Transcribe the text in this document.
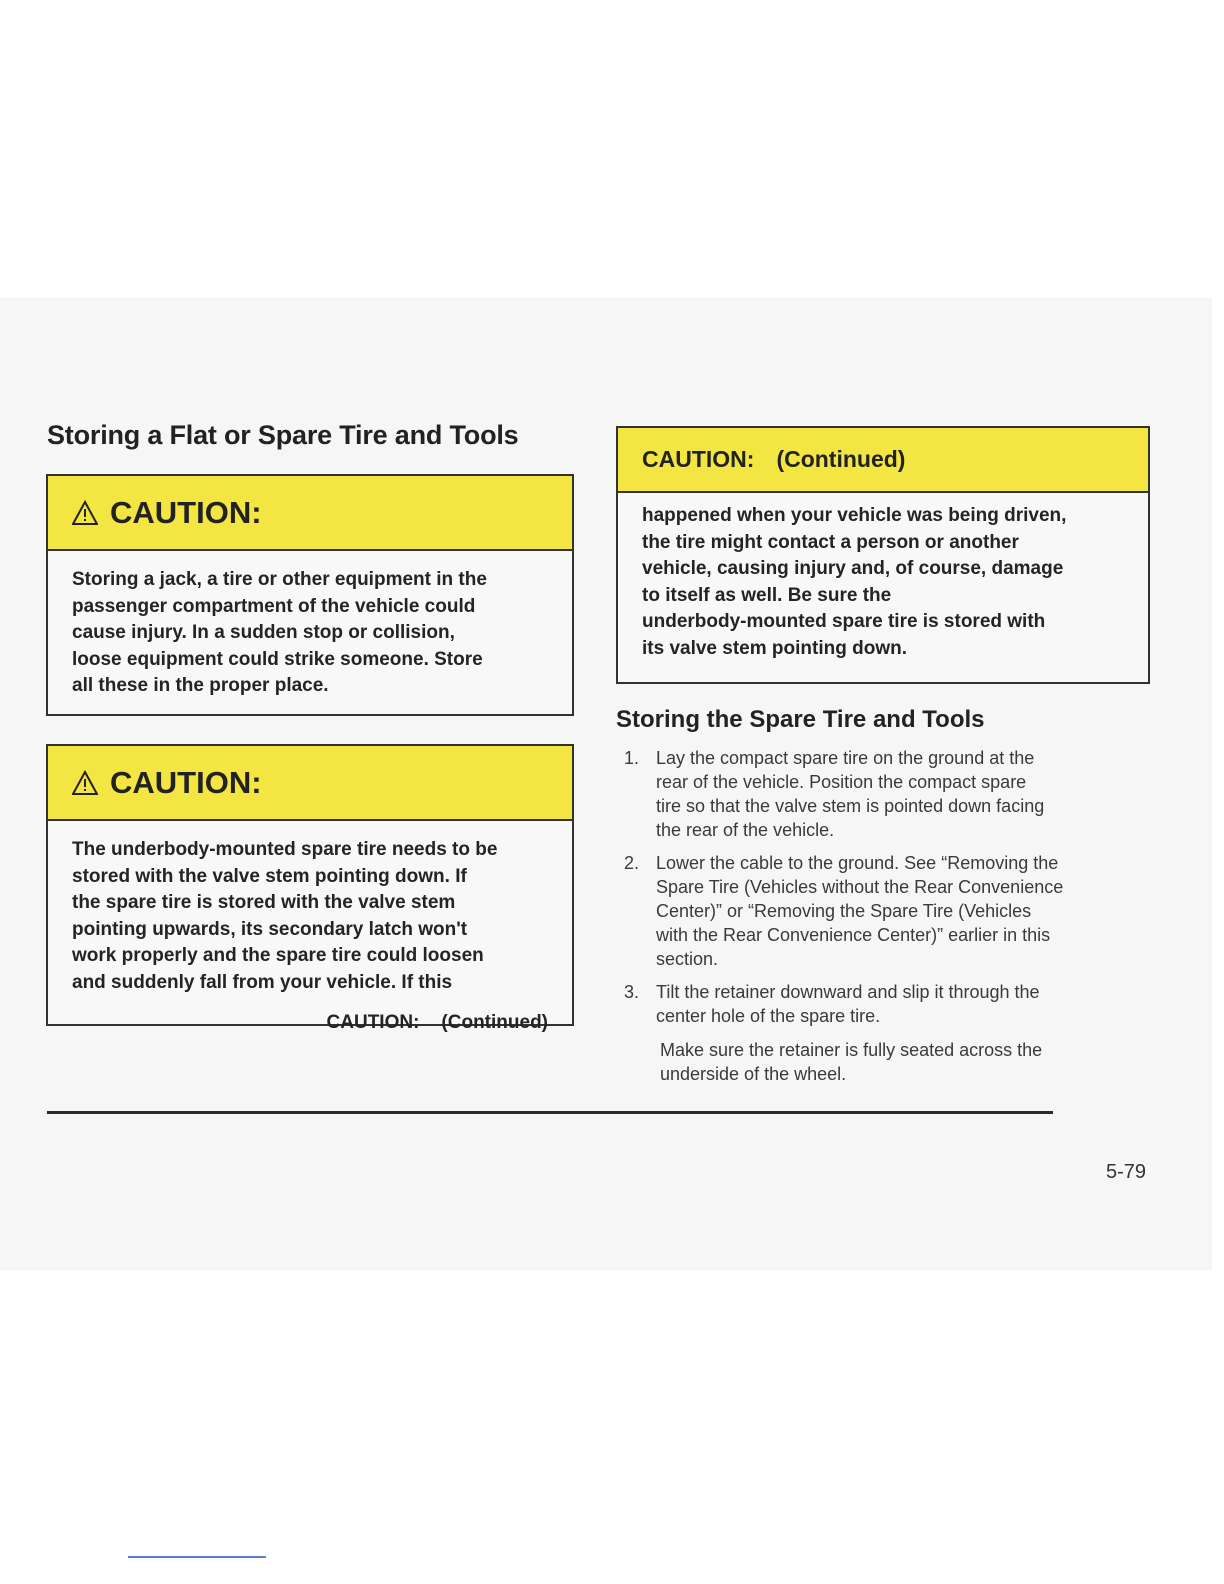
Storing a Flat or Spare Tire and Tools
CAUTION:
Storing a jack, a tire or other equipment in the
passenger compartment of the vehicle could
cause injury. In a sudden stop or collision,
loose equipment could strike someone. Store
all these in the proper place.
CAUTION:
The underbody-mounted spare tire needs to be
stored with the valve stem pointing down. If
the spare tire is stored with the valve stem
pointing upwards, its secondary latch won't
work properly and the spare tire could loosen
and suddenly fall from your vehicle. If this
CAUTION: (Continued)
CAUTION: (Continued)
happened when your vehicle was being driven,
the tire might contact a person or another
vehicle, causing injury and, of course, damage
to itself as well. Be sure the
underbody-mounted spare tire is stored with
its valve stem pointing down.
Storing the Spare Tire and Tools
1. Lay the compact spare tire on the ground at the
rear of the vehicle. Position the compact spare
tire so that the valve stem is pointed down facing
the rear of the vehicle.
2. Lower the cable to the ground. See “Removing the
Spare Tire (Vehicles without the Rear Convenience
Center)” or “Removing the Spare Tire (Vehicles
with the Rear Convenience Center)” earlier in this
section.
3. Tilt the retainer downward and slip it through the
center hole of the spare tire.
Make sure the retainer is fully seated across the
underside of the wheel.
5-79
